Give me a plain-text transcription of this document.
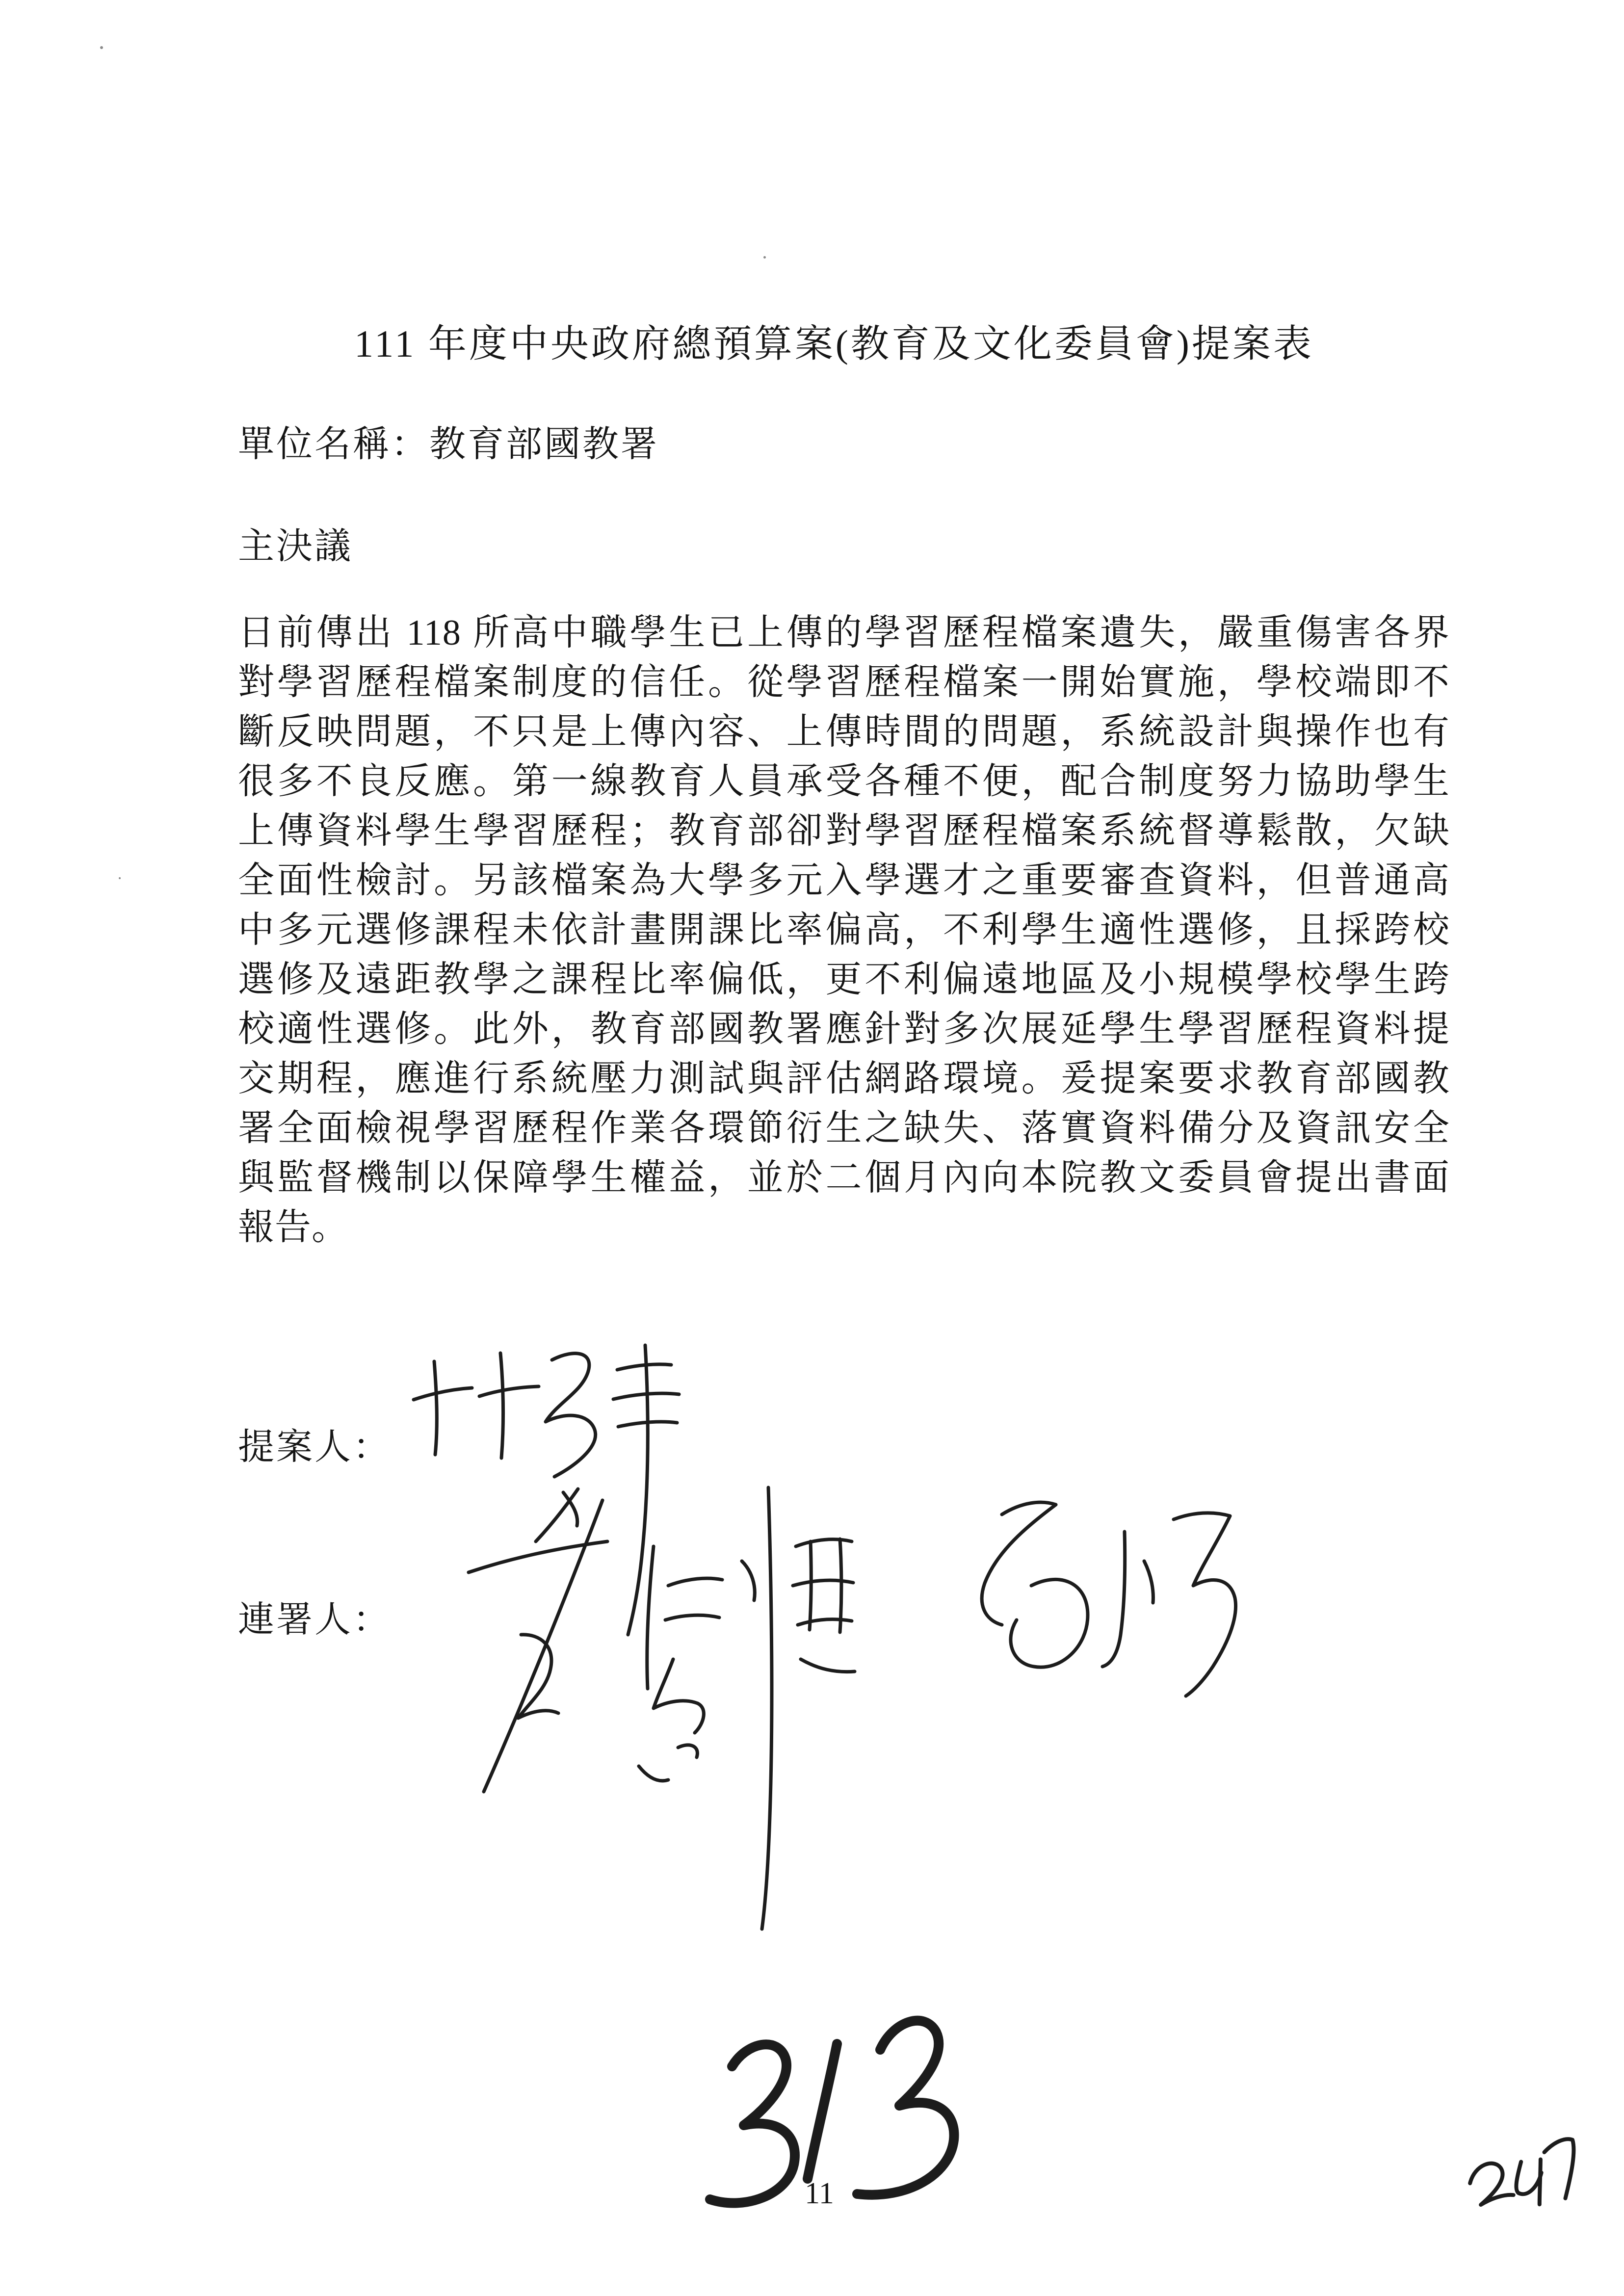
111 年度中央政府總預算案(教育及文化委員會)提案表
單位名稱：教育部國教署
主決議
日前傳出 118 所高中職學生已上傳的學習歷程檔案遺失，嚴重傷害各界
對學習歷程檔案制度的信任。從學習歷程檔案一開始實施，學校端即不
斷反映問題，不只是上傳內容、上傳時間的問題，系統設計與操作也有
很多不良反應。第一線教育人員承受各種不便，配合制度努力協助學生
上傳資料學生學習歷程；教育部卻對學習歷程檔案系統督導鬆散，欠缺
全面性檢討。另該檔案為大學多元入學選才之重要審查資料，但普通高
中多元選修課程未依計畫開課比率偏高，不利學生適性選修，且採跨校
選修及遠距教學之課程比率偏低，更不利偏遠地區及小規模學校學生跨
校適性選修。此外，教育部國教署應針對多次展延學生學習歷程資料提
交期程，應進行系統壓力測試與評估網路環境。爰提案要求教育部國教
署全面檢視學習歷程作業各環節衍生之缺失、落實資料備分及資訊安全
與監督機制以保障學生權益，並於二個月內向本院教文委員會提出書面
報告。
提案人：
連署人：
11
